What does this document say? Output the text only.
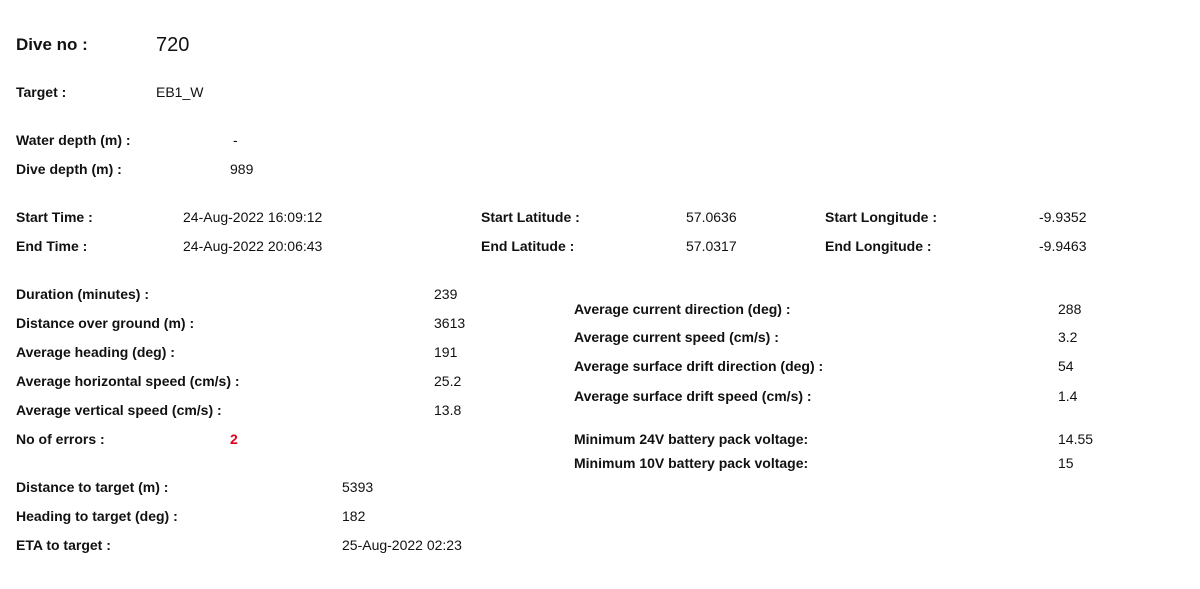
Dive no :	720
Target :	EB1_W
Water depth (m) :	-
Dive depth (m) :	989
Start Time :	24-Aug-2022 16:09:12
End Time :	24-Aug-2022 20:06:43
Start Latitude :	57.0636
End Latitude :	57.0317
Start Longitude :	-9.9352
End Longitude :	-9.9463
Duration (minutes) :	239
Distance over ground (m) :	3613
Average heading (deg) :	191
Average horizontal speed (cm/s) :	25.2
Average vertical speed (cm/s) :	13.8
No of errors :	2
Distance to target (m) :	5393
Heading to target (deg) :	182
ETA to target :	25-Aug-2022 02:23
Average current direction (deg) :	288
Average current speed (cm/s) :	3.2
Average surface drift direction (deg) :	54
Average surface drift speed (cm/s) :	1.4
Minimum 24V battery pack voltage:	14.55
Minimum 10V battery pack voltage:	15
